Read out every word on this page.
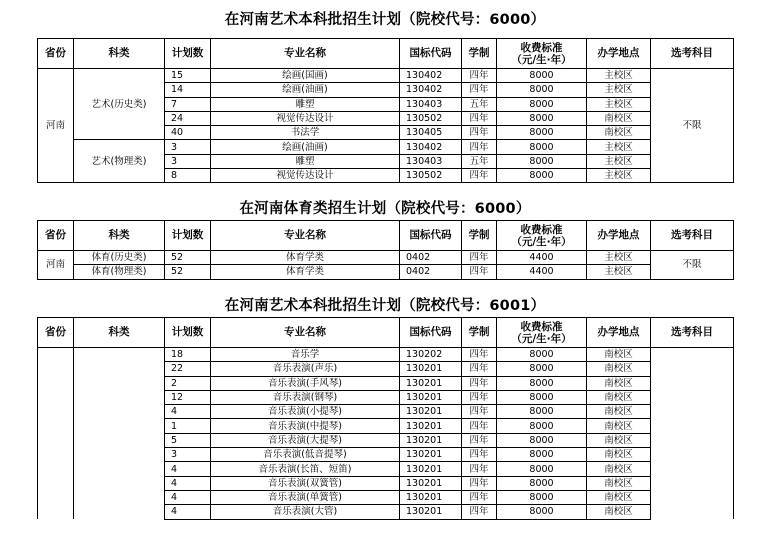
在河南艺术本科批招生计划（院校代号：6000）
省份	科类	计划数	专业名称	国标代码	学制	收费标准
（元/生·年）	办学地点	选考科目
河南	艺术(历史类)	15	绘画(国画)	130402	四年	8000	主校区	不限
		14	绘画(油画)	130402	四年	8000	主校区	
		7	雕塑	130403	五年	8000	主校区	
		24	视觉传达设计	130502	四年	8000	南校区	
		40	书法学	130405	四年	8000	南校区	
	艺术(物理类)	3	绘画(油画)	130402	四年	8000	主校区	
		3	雕塑	130403	五年	8000	主校区	
		8	视觉传达设计	130502	四年	8000	主校区	
在河南体育类招生计划（院校代号：6000）
省份	科类	计划数	专业名称	国标代码	学制	收费标准
（元/生·年）	办学地点	选考科目
河南	体育(历史类)	52	体育学类	0402	四年	4400	主校区	不限
	体育(物理类)	52	体育学类	0402	四年	4400	主校区	
在河南艺术本科批招生计划（院校代号：6001）
省份	科类	计划数	专业名称	国标代码	学制	收费标准
（元/生·年）	办学地点	选考科目
		18	音乐学	130202	四年	8000	南校区	
		22	音乐表演(声乐)	130201	四年	8000	南校区	
		2	音乐表演(手风琴)	130201	四年	8000	南校区	
		12	音乐表演(钢琴)	130201	四年	8000	南校区	
		4	音乐表演(小提琴)	130201	四年	8000	南校区	
		1	音乐表演(中提琴)	130201	四年	8000	南校区	
		5	音乐表演(大提琴)	130201	四年	8000	南校区	
		3	音乐表演(低音提琴)	130201	四年	8000	南校区	
		4	音乐表演(长笛、短笛)	130201	四年	8000	南校区	
		4	音乐表演(双簧管)	130201	四年	8000	南校区	
		4	音乐表演(单簧管)	130201	四年	8000	南校区	
		4	音乐表演(大管)	130201	四年	8000	南校区	
